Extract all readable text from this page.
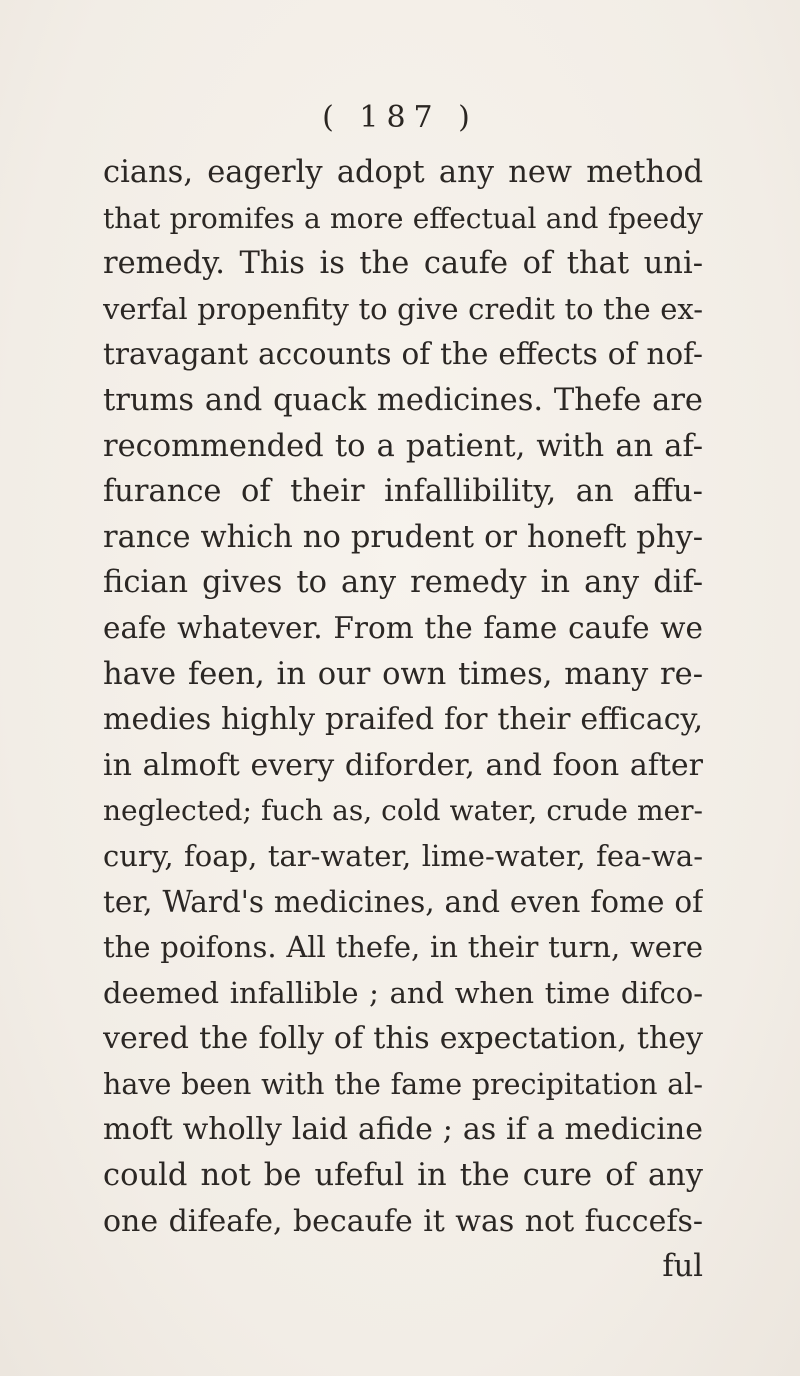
( 187 )
cians, eagerly adopt any new method
that promifes a more effectual and fpeedy
remedy. This is the caufe of that uni-
verfal propenfity to give credit to the ex-
travagant accounts of the effects of nof-
trums and quack medicines. Thefe are
recommended to a patient, with an af-
furance of their infallibility, an affu-
rance which no prudent or honeft phy-
fician gives to any remedy in any dif-
eafe whatever. From the fame caufe we
have feen, in our own times, many re-
medies highly praifed for their efficacy,
in almoft every diforder, and foon after
neglected; fuch as, cold water, crude mer-
cury, foap, tar-water, lime-water, fea-wa-
ter, Ward's medicines, and even fome of
the poifons. All thefe, in their turn, were
deemed infallible ; and when time difco-
vered the folly of this expectation, they
have been with the fame precipitation al-
moft wholly laid afide ; as if a medicine
could not be ufeful in the cure of any
one difeafe, becaufe it was not fuccefs-
ful
